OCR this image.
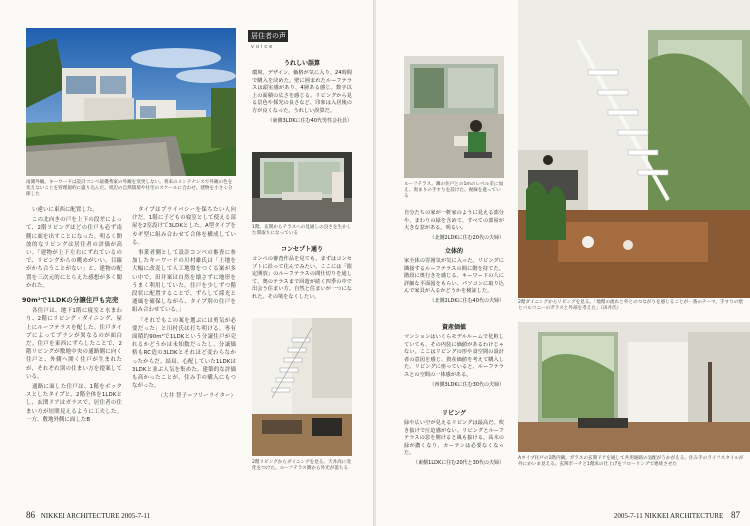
南側外観。キーワードは設計コンペ最優秀案の外観を変更しない。将来のメンテナンスで外観の色を変えないことを管理規約に盛り込んだ。周辺の自然環境や住宅のスケールに合わせ、建物を小さく分節した

い違いに東西に配置した。

この北向きの戸を上下の段差によって、2階リビングほどの住戸も必ず南側に面を出すことになった。明るく開放的なリビングは居住者の評価が高い。「建物が上下左右にずれているので、リビングからの眺めがいい。目線がかち合うことがない」と、建物の配置を三次元的にとらえた感想が多く聞かれた。

90m²で1LDKの分譲住戸も完売

各住戸は、地下1階に寝室と水まわり、2階にリビング・ダイニング、屋上にルーフテラスを配した。住戸タイプによってプランが異なるのが面白だ。住戸を東西にずらしたことで、2階リビングが敷地中央の通路側に向く住戸と、外側へ開く住戸が生まれたが、それぞれ別の住まい方を提案している。

通路に面した住戸は、1階をボックスとしたタイプと、2階全体を1LDKとし、玄関ドアはガラスで、居住者の住まい方が垣間見えるように工夫した。一方、敷地外側に面したB

タイプはプライバシーを保ちたい人向けだ。1階に子どもの寝室として使える部屋を2室設けて3LDKとした。A型タイプをカギ型に組み合わせて合体を構成している。

事業者側として設計コンペの審査に参加したキーワードの川村雄氏は「土地を大幅に改変して人工地盤をつくる案が多い中で、田井案は自然を壊さずに地形をうまく利用していた。住戸を少しずつ階段状に配置することで、ずらして採光と通風を確保しながら、タイプ別の住戸を組み合わせている。」

「それでもこの案を選ぶには勇気が必要だった」と川村氏は打ち明ける。専有面積約90m²で1LDKという分譲住戸が売れるかどうかは未知数だったし、分譲価格もRC造の3LDKとそれほど変わらなかったからだ。結局、心配していた1LDKは3LDKと並ぶ人気を集めた。建築的な評価も高かったことが、住み手の購入にもつながった。

（大井 智子＝フリーライター）
居住者の声
voice
うれしい誤算
環境、デザイン、価格が気に入り、24時間で購入を決めた。壁に囲まれたルーフテラスは頭室感があり、4層ある感じ。数字以上の面積の広さを感じる。リビングから見る景色や採光の良さなど、印象は入居後の方が良くなった。うれしい誤算だ。
（東側3LDKに住む40代男性会社員）
1階。玄関からテラスへの見通しの良さを生かした間取りになっている
コンセプト通り
コンペの審査作品を見ても、まずはコンセプトに沿って住んでみたい。ここには「限定開放」のルーフテラスの間仕切りを通して、奥のテラスまで回遊が続く四季の中で出会う住まい方。自然と住まいが一つになれた。その境をなくしたい。
2階リビングからダイニングを見る。天井高に変化をつけた。ルーフテラス側から外光が落ちる
86 NIKKEI ARCHITECTURE 2005-7-11
ルーフテラス。隣の住戸との1mのレベル差に加え、奥まりの手すりを設けた。視線を遮っている
自分たちの家が一軒家のように見える部分や、まわりの緑を含めて、すべての部屋が大きな窓がある。明るい。
（北側2LDKに住む20代の夫婦）
立体的
家全体の雰囲気が気に入った。リビングに隣接するルーフテラスの間に階を持てた。階段に奥行きを感じる。キーワードの人に詳細な平面図をもらい、パソコンに取り込んで家具が入るかどうかを検証した。
（北側2LDKに住む40代の夫婦）
資産価値
マンションはいくらモデルルームで化粧していても、その内装に価値があるわけじゃない。ここはリビングの形や食空間の設計者の意図を感じ、資産価値を考えて購入した。リビングに座っていると、ルーフテラスとの空間の一体感がある。
（西側3LDKに住む30代の夫婦）
リビング
緑や広い空が見えるリビングは最高だ。吹き抜けで圧迫感がない。リビングとルーフテラスの窓を開けると風も抜ける。高木の緑が濃くなり、カーテンは必要なくなった。
（東側1LDKに住む20代と30代の夫婦）
2階ダイニングからリビングを見る。「地階の流れと外とのつながりを感じることが一番のテーマ。手すりの壁とバルコニーのガラスと外部を考えた」（田井氏）
Aタイプ住戸の1階内観。ガラスの玄関ドアを通して共用通路の気配がうかがえる。住み手のライフスタイルが外にかいま見える。玄関ポーチと1階床の仕上げをフローリングで連続させた
2005-7-11 NIKKEI ARCHITECTURE 87
